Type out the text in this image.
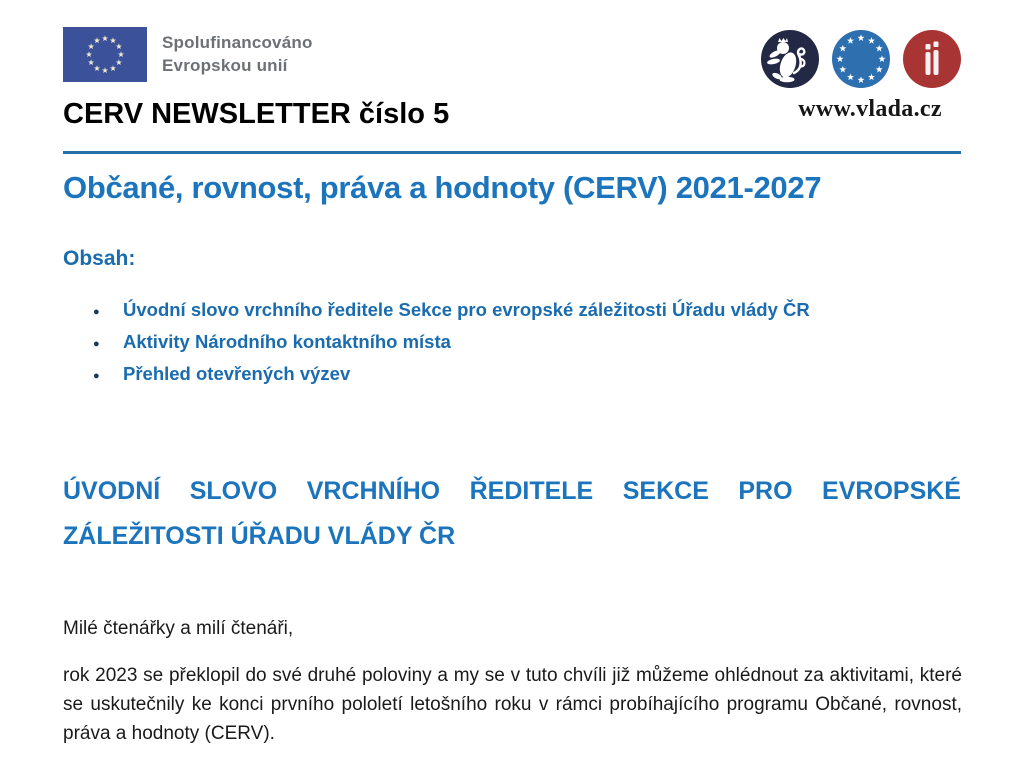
Spolufinancováno
Evropskou unií
www.vlada.cz
CERV NEWSLETTER číslo 5
Občané, rovnost, práva a hodnoty (CERV) 2021-2027
Obsah:
● Úvodní slovo vrchního ředitele Sekce pro evropské záležitosti Úřadu vlády ČR
● Aktivity Národního kontaktního místa
● Přehled otevřených výzev
ÚVODNÍ SLOVO VRCHNÍHO ŘEDITELE SEKCE PRO EVROPSKÉ
ZÁLEŽITOSTI ÚŘADU VLÁDY ČR

Milé čtenářky a milí čtenáři,

rok 2023 se překlopil do své druhé poloviny a my se v tuto chvíli již můžeme ohlédnout za aktivitami, které
se uskutečnily ke konci prvního pololetí letošního roku v rámci probíhajícího programu Občané, rovnost,
práva a hodnoty (CERV).
